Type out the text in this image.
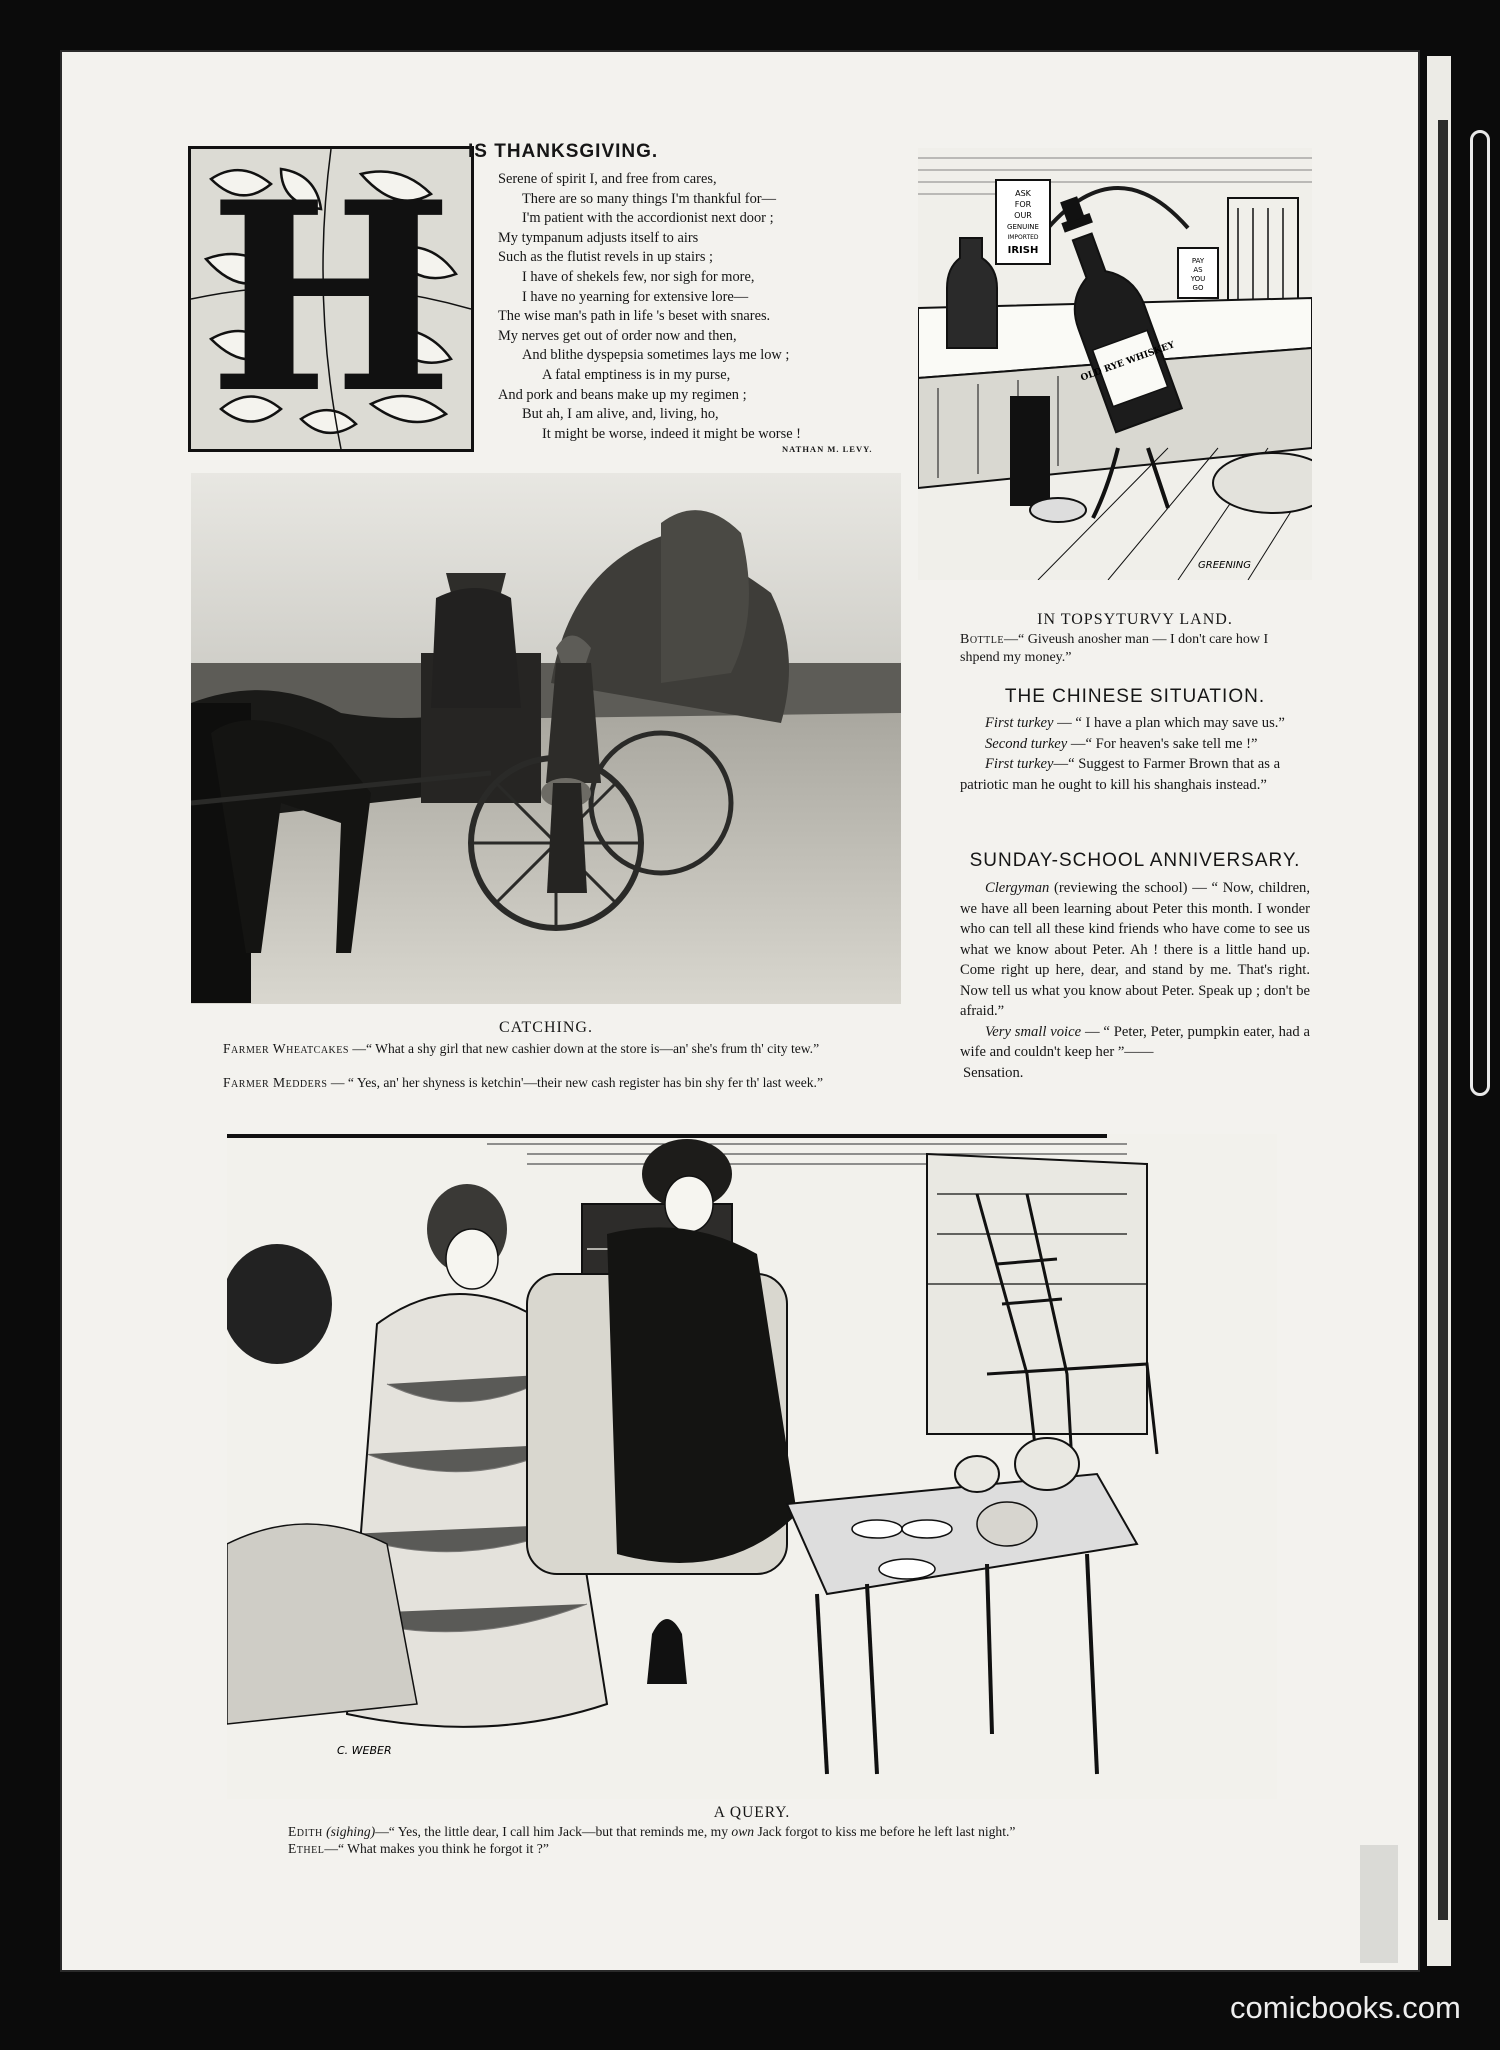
H IS THANKSGIVING.
Serene of spirit I, and free from cares,
There are so many things I'm thankful for—
I'm patient with the accordionist next door ;
My tympanum adjusts itself to airs
Such as the flutist revels in up stairs ;
I have of shekels few, nor sigh for more,
I have no yearning for extensive lore—
The wise man's path in life 's beset with snares.
My nerves get out of order now and then,
And blithe dyspepsia sometimes lays me low ;
A fatal emptiness is in my purse,
And pork and beans make up my regimen ;
But ah, I am alive, and, living, ho,
It might be worse, indeed it might be worse !
NATHAN M. LEVY.
ASK
FOR
OUR
GENUINE
IMPORTED
IRISH
PAY
AS
YOU
GO
OLD RYE WHISKEY
GREENING
IN TOPSYTURVY LAND.

Bottle—“ Giveush anosher man — I don't care how I shpend my money.”

THE CHINESE SITUATION.

First turkey — “ I have a plan which may save us.”

Second turkey —“ For heaven's sake tell me !”

First turkey—“ Suggest to Farmer Brown that as a patriotic man he ought to kill his shanghais instead.”

SUNDAY-SCHOOL ANNIVERSARY.

Clergyman (reviewing the school) — “ Now, children, we have all been learning about Peter this month. I wonder who can tell all these kind friends who have come to see us what we know about Peter. Ah ! there is a little hand up. Come right up here, dear, and stand by me. That's right. Now tell us what you know about Peter. Speak up ; don't be afraid.”

Very small voice — “ Peter, Peter, pumpkin eater, had a wife and couldn't keep her ”——

Sensation.

CATCHING.
Farmer Wheatcakes —“ What a shy girl that new cashier down at the store is—an' she's frum th' city tew.”
Farmer Medders — “ Yes, an' her shyness is ketchin'—their new cash register has bin shy fer th' last week.”
C. WEBER
A QUERY.
Edith (sighing)—“ Yes, the little dear, I call him Jack—but that reminds me, my own Jack forgot to kiss me before he left last night.”
Ethel—“ What makes you think he forgot it ?”
comicbooks.com
